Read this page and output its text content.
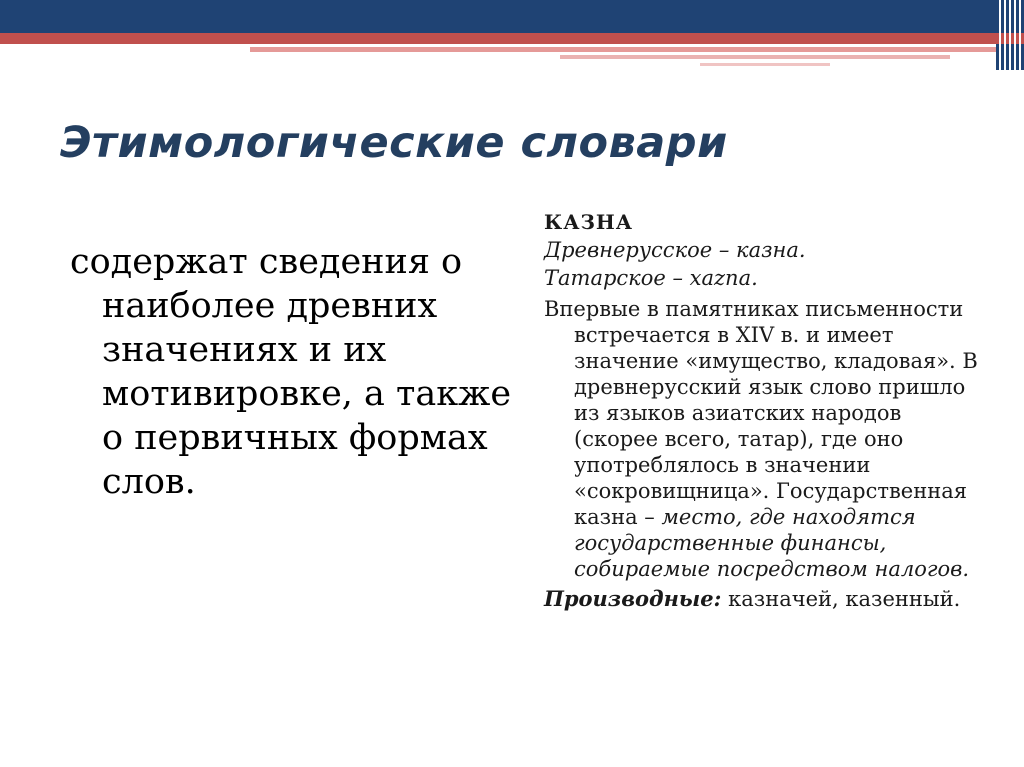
Этимологические словари

содержат сведения о наиболее древних значениях и их мотивировке, а также о первичных формах слов.

КАЗНА

Древнерусское – казна.

Татарское – хаzna.

Впервые в памятниках письменности встречается в XIV в. и имеет значение «имущество, кладовая». В древнерусский язык слово пришло из языков азиатских народов (скорее всего, татар), где оно употреблялось в значении «сокровищница». Государственная казна – место, где находятся государственные финансы, собираемые посредством налогов.

Производные: казначей, казенный.
